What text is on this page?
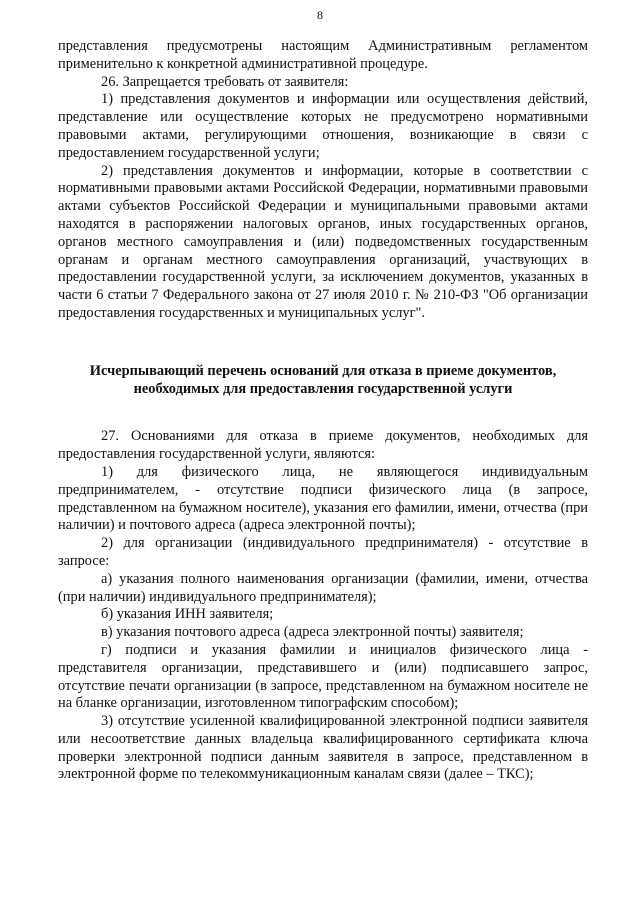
8

представления предусмотрены настоящим Административным регламентом применительно к конкретной административной процедуре.

26. Запрещается требовать от заявителя:

1) представления документов и информации или осуществления действий, представление или осуществление которых не предусмотрено нормативными правовыми актами, регулирующими отношения, возникающие в связи с предоставлением государственной услуги;

2) представления документов и информации, которые в соответствии с нормативными правовыми актами Российской Федерации, нормативными правовыми актами субъектов Российской Федерации и муниципальными правовыми актами находятся в распоряжении налоговых органов, иных государственных органов, органов местного самоуправления и (или) подведомственных государственным органам и органам местного самоуправления организаций, участвующих в предоставлении государственной услуги, за исключением документов, указанных в части 6 статьи 7 Федерального закона от 27 июля 2010 г. № 210-ФЗ "Об организации предоставления государственных и муниципальных услуг".

Исчерпывающий перечень оснований для отказа в приеме документов, необходимых для предоставления государственной услуги

27. Основаниями для отказа в приеме документов, необходимых для предоставления государственной услуги, являются:

1) для физического лица, не являющегося индивидуальным предпринимателем, - отсутствие подписи физического лица (в запросе, представленном на бумажном носителе), указания его фамилии, имени, отчества (при наличии) и почтового адреса (адреса электронной почты);

2) для организации (индивидуального предпринимателя) - отсутствие в запросе:

а) указания полного наименования организации (фамилии, имени, отчества (при наличии) индивидуального предпринимателя);

б) указания ИНН заявителя;

в) указания почтового адреса (адреса электронной почты) заявителя;

г) подписи и указания фамилии и инициалов физического лица - представителя организации, представившего и (или) подписавшего запрос, отсутствие печати организации (в запросе, представленном на бумажном носителе не на бланке организации, изготовленном типографским способом);

3) отсутствие усиленной квалифицированной электронной подписи заявителя или несоответствие данных владельца квалифицированного сертификата ключа проверки электронной подписи данным заявителя в запросе, представленном в электронной форме по телекоммуникационным каналам связи (далее – ТКС);
